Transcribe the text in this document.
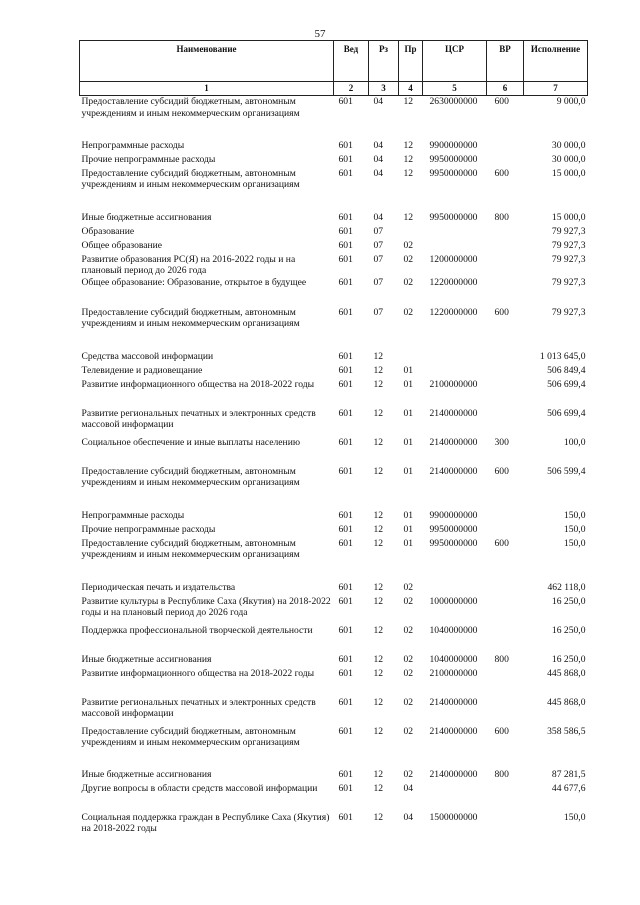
57
Наименование	Вед	Рз	Пр	ЦСР	ВР	Исполнение
1	2	3	4	5	6	7
Предоставление субсидий бюджетным, автономным учреждениям и иным некоммерческим организациям	601	04	12	2630000000	600	9 000,0
Непрограммные расходы	601	04	12	9900000000		30 000,0
Прочие непрограммные расходы	601	04	12	9950000000		30 000,0
Предоставление субсидий бюджетным, автономным учреждениям и иным некоммерческим организациям	601	04	12	9950000000	600	15 000,0
Иные бюджетные ассигнования	601	04	12	9950000000	800	15 000,0
Образование	601	07				79 927,3
Общее образование	601	07	02			79 927,3
Развитие образования РС(Я) на 2016-2022 годы и на плановый период до 2026 года	601	07	02	1200000000		79 927,3
Общее образование: Образование, открытое в будущее	601	07	02	1220000000		79 927,3
Предоставление субсидий бюджетным, автономным учреждениям и иным некоммерческим организациям	601	07	02	1220000000	600	79 927,3
Средства массовой информации	601	12				1 013 645,0
Телевидение и радиовещание	601	12	01			506 849,4
Развитие информационного общества на 2018-2022 годы	601	12	01	2100000000		506 699,4
Развитие региональных печатных и электронных средств массовой информации	601	12	01	2140000000		506 699,4
Социальное обеспечение и иные выплаты населению	601	12	01	2140000000	300	100,0
Предоставление субсидий бюджетным, автономным учреждениям и иным некоммерческим организациям	601	12	01	2140000000	600	506 599,4
Непрограммные расходы	601	12	01	9900000000		150,0
Прочие непрограммные расходы	601	12	01	9950000000		150,0
Предоставление субсидий бюджетным, автономным учреждениям и иным некоммерческим организациям	601	12	01	9950000000	600	150,0
Периодическая печать и издательства	601	12	02			462 118,0
Развитие культуры в Республике Саха (Якутия) на 2018-2022 годы и на плановый период до 2026 года	601	12	02	1000000000		16 250,0
Поддержка профессиональной творческой деятельности	601	12	02	1040000000		16 250,0
Иные бюджетные ассигнования	601	12	02	1040000000	800	16 250,0
Развитие информационного общества на 2018-2022 годы	601	12	02	2100000000		445 868,0
Развитие региональных печатных и электронных средств массовой информации	601	12	02	2140000000		445 868,0
Предоставление субсидий бюджетным, автономным учреждениям и иным некоммерческим организациям	601	12	02	2140000000	600	358 586,5
Иные бюджетные ассигнования	601	12	02	2140000000	800	87 281,5
Другие вопросы в области средств массовой информации	601	12	04			44 677,6
Социальная поддержка граждан в Республике Саха (Якутия) на 2018-2022 годы	601	12	04	1500000000		150,0
